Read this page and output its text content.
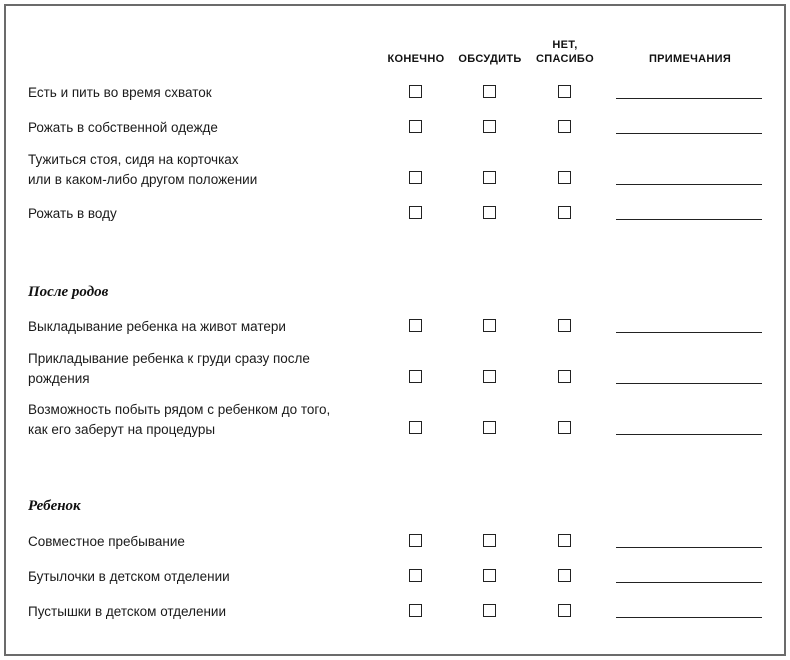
КОНЕЧНО ОБСУДИТЬ
НЕТ,
СПАСИБО	ПРИМЕЧАНИЯ
Есть и пить во время схваток
Рожать в собственной одежде
Тужиться стоя, сидя на корточках
или в каком-либо другом положении
Рожать в воду
После родов
Выкладывание ребенка на живот матери
Прикладывание ребенка к груди сразу после
рождения
Возможность побыть рядом с ребенком до того,
как его заберут на процедуры
Ребенок
Совместное пребывание
Бутылочки в детском отделении
Пустышки в детском отделении
